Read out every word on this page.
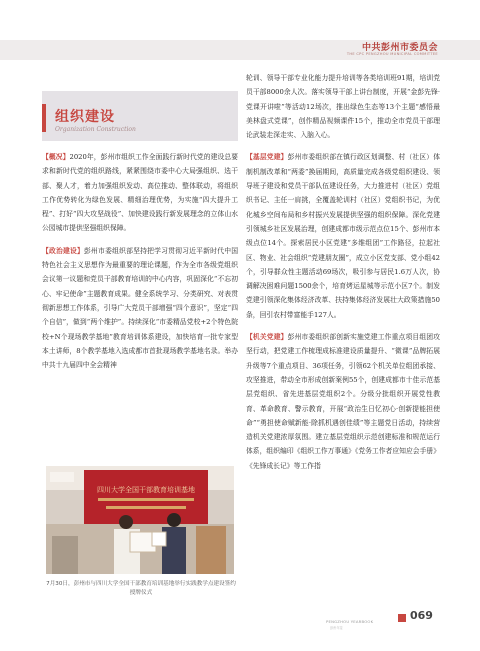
中共彭州市委员会
THE CPC PENGZHOU MUNICIPAL COMMITTEE
组织建设
Organization Construction

【概况】2020年，彭州市组织工作全面践行新时代党的建设总要求和新时代党的组织路线，紧紧围绕市委中心大局强组织、选干部、聚人才，着力加强组织发动、高位推动、整体联动，将组织工作优势转化为绿色发展、精细治理优势，为实施“四大提升工程”、打好“四大攻坚战役”、加快建设践行新发展理念的立体山水公园城市提供坚强组织保障。

【政治建设】彭州市委组织部坚持把学习贯彻习近平新时代中国特色社会主义思想作为最重要的理论课题，作为全市各级党组织会议第一议题和党员干部教育培训的中心内容，巩固深化“不忘初心、牢记使命”主题教育成果。健全系统学习、分类研究、对表贯彻新思想工作体系，引导广大党员干部增强“四个意识”，坚定“四个自信”，做到“两个维护”。持续深化“市委精品党校+2个特色院校+N个现场教学基地”教育培训体系建设，加快培育一批专家型本土讲师，8个教学基地入选成都市首批现场教学基地名录。举办中共十九届四中全会精神

四川大学全国干部教育培训基地
7月30日，彭州市与四川大学全国干部教育培训基地举行实践教学点建设签约授牌仪式

轮训、领导干部专业化能力提升培训等各类培训班91期，培训党员干部8000余人次。落实领导干部上讲台制度，开展“金彭先锋·党课开讲啦”等活动12场次，推出绿色生态等13个主题“感悟最美林盘式党课”，创作精品视频课件15个，推动全市党员干部理论武装走深走实、入脑入心。

【基层党建】彭州市委组织部在镇行政区划调整、村（社区）体制机制改革和“两委”换届期间，高质量完成各级党组织建设、领导班子建设和党员干部队伍建设任务，大力推进村（社区）党组织书记、主任一肩挑，全覆盖轮训村（社区）党组织书记，为优化城乡空间布局和乡村振兴发展提供坚强的组织保障。深化党建引领城乡社区发展治理，创建成都市级示范点位15个、彭州市本级点位14个。探索居民小区党建“多维组团”工作路径，拉起社区、物业、社会组织“党建朋友圈”，成立小区党支部、党小组42个，引导群众性主题活动69场次，吸引参与居民1.6万人次，协调解决困难问题1500余个，培育烤运星城等示范小区7个。制发党建引领深化集体经济改革、扶持集体经济发展壮大政策措施50条，回引农村带富能手127人。

【机关党建】彭州市委组织部创新实施党建工作重点项目组团攻坚行动，把党建工作梳理成标准建设质量提升、“微课”品牌拓展升级等7个重点项目、36项任务，引领62个机关单位组团承接、攻坚推进，带动全市形成创新案例55个，创建成都市十佳示范基层党组织、省先进基层党组织2个。分级分批组织开展党性教育、革命教育、警示教育，开展“政治生日忆初心·创新提能担使命”“勇担使命赋新能·除抓机遇创佳绩”等主题党日活动，持续营造机关党建浓厚氛围。建立基层党组织示范创建标准和规范运行体系，组织编印《组织工作万事通》《党务工作者应知应会手册》《先锋成长记》等工作指

PENGZHOU YEARBOOK
彭州年鉴
069
